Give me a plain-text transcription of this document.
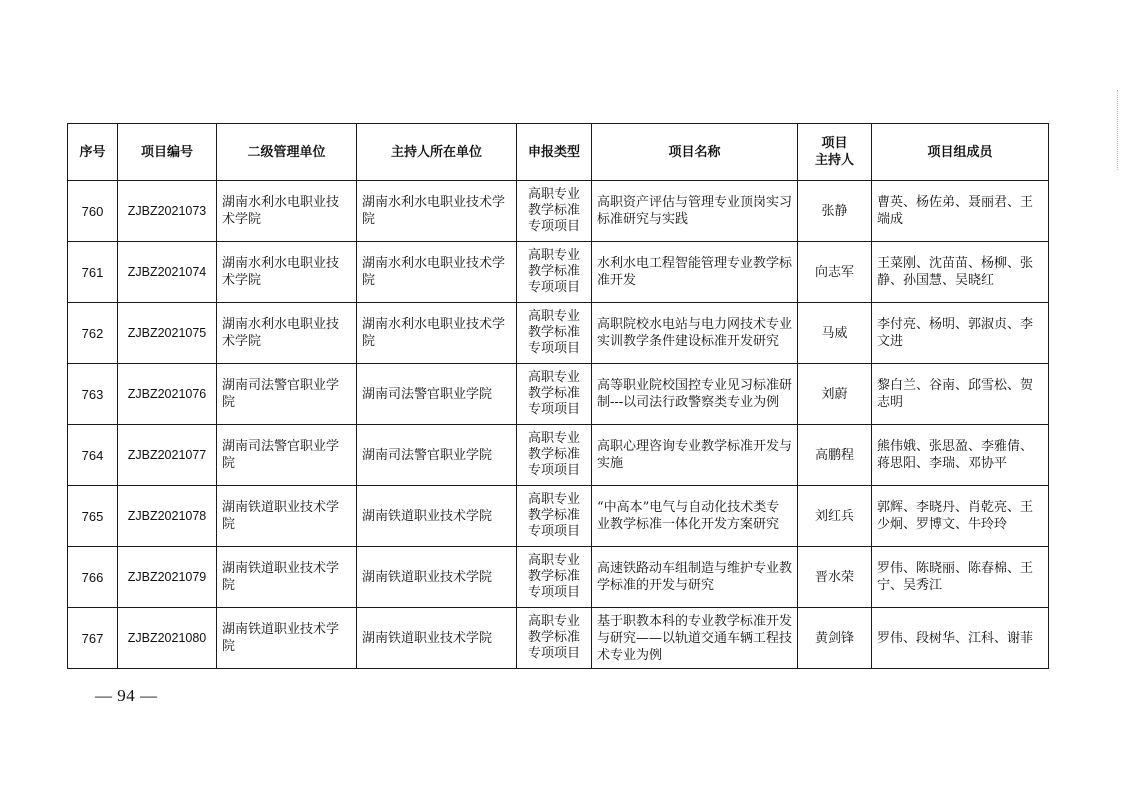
序号	项目编号	二级管理单位	主持人所在单位	申报类型	项目名称	项目
主持人	项目组成员
760	ZJBZ2021073	湖南水利水电职业技术学院	湖南水利水电职业技术学院	高职专业教学标准专项项目	高职资产评估与管理专业顶岗实习标准研究与实践	张静	曹英、杨佐弟、聂丽君、王端成
761	ZJBZ2021074	湖南水利水电职业技术学院	湖南水利水电职业技术学院	高职专业教学标准专项项目	水利水电工程智能管理专业教学标准开发	向志军	王菜刚、沈苗苗、杨柳、张静、孙国慧、吴晓红
762	ZJBZ2021075	湖南水利水电职业技术学院	湖南水利水电职业技术学院	高职专业教学标准专项项目	高职院校水电站与电力网技术专业实训教学条件建设标准开发研究	马威	李付亮、杨明、郭淑贞、李文进
763	ZJBZ2021076	湖南司法警官职业学院	湖南司法警官职业学院	高职专业教学标准专项项目	高等职业院校国控专业见习标准研制---以司法行政警察类专业为例	刘蔚	黎白兰、谷南、邱雪松、贺志明
764	ZJBZ2021077	湖南司法警官职业学院	湖南司法警官职业学院	高职专业教学标准专项项目	高职心理咨询专业教学标准开发与实施	高鹏程	熊伟娥、张思盈、李雅倩、蒋思阳、李瑞、邓协平
765	ZJBZ2021078	湖南铁道职业技术学院	湖南铁道职业技术学院	高职专业教学标准专项项目	“中高本”电气与自动化技术类专业教学标准一体化开发方案研究	刘红兵	郭辉、李晓丹、肖乾亮、王少炯、罗博文、牛玲玲
766	ZJBZ2021079	湖南铁道职业技术学院	湖南铁道职业技术学院	高职专业教学标准专项项目	高速铁路动车组制造与维护专业教学标准的开发与研究	晋水荣	罗伟、陈晓丽、陈春棉、王宁、吴秀江
767	ZJBZ2021080	湖南铁道职业技术学院	湖南铁道职业技术学院	高职专业教学标准专项项目	基于职教本科的专业教学标准开发与研究——以轨道交通车辆工程技术专业为例	黄剑锋	罗伟、段树华、江科、谢菲
— 94 —
